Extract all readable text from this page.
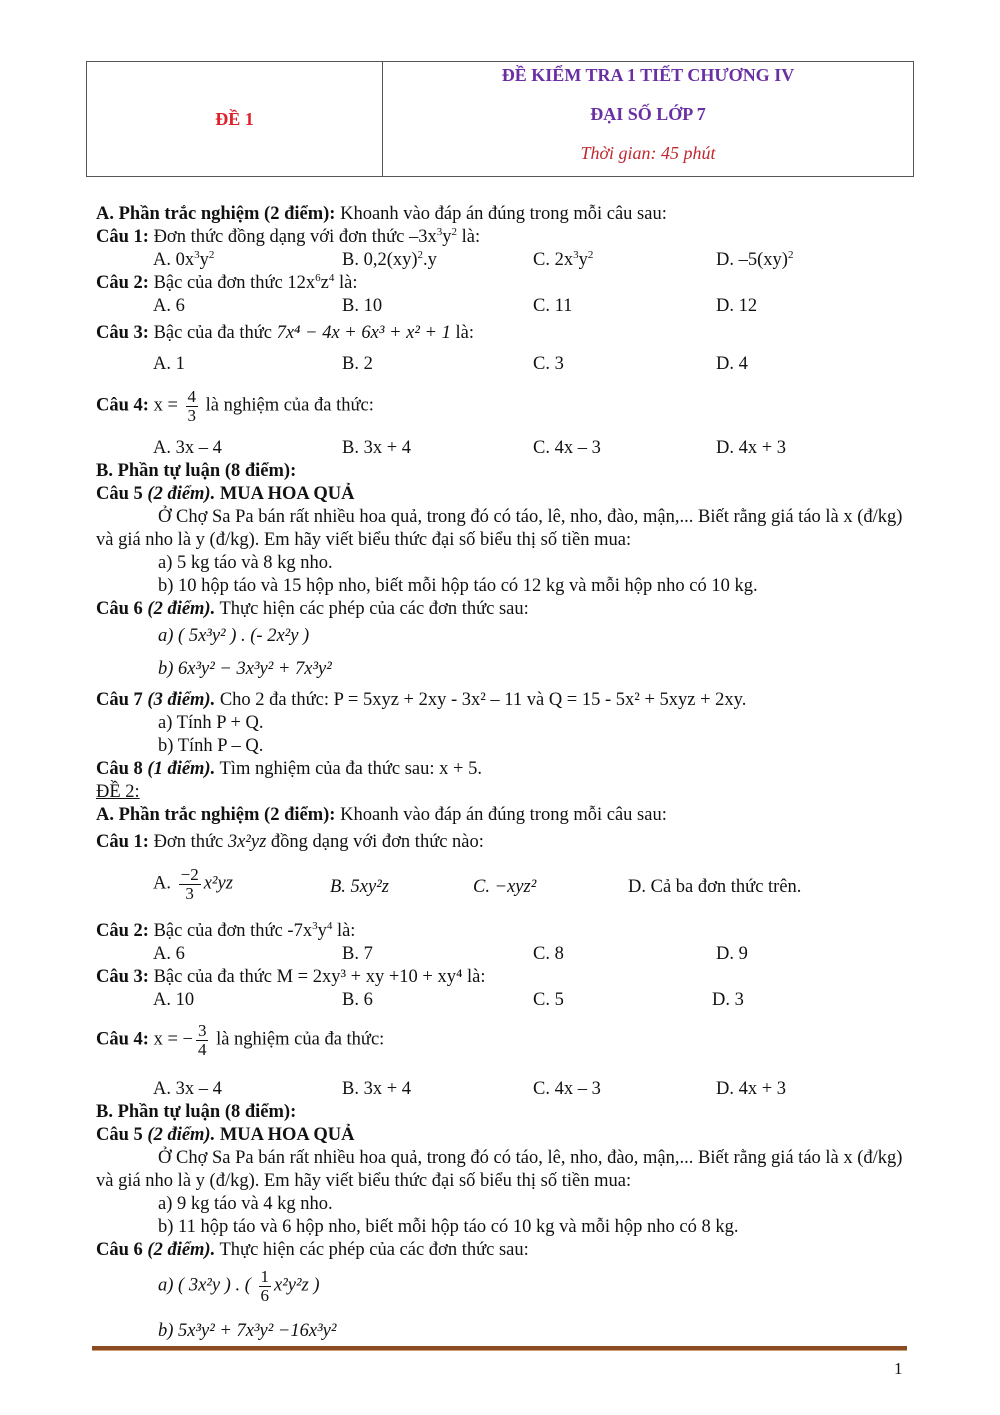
ĐỀ 1
ĐỀ KIỂM TRA 1 TIẾT CHƯƠNG IV
ĐẠI SỐ LỚP 7
Thời gian: 45 phút
A. Phần trắc nghiệm (2 điểm): Khoanh vào đáp án đúng trong mỗi câu sau:
Câu 1: Đơn thức đồng dạng với đơn thức $-3x^3y^2$ là:
A. $0x^3y^2$	B. 0,2(xy)$^2$.y	C. $2x^3y^2$	D. –5(xy)$^2$
Câu 2: Bậc của đơn thức $12x^6z^4$ là:
A. 6	B. 10	C. 11	D. 12
Câu 3: Bậc của đa thức 7x⁴ − 4x + 6x³ + x² + 1 là:
A. 1	B. 2	C. 3	D. 4
Câu 4: $x = \frac{4}{3}$ là nghiệm của đa thức:
A. 3x – 4	B. 3x + 4	C. 4x – 3	D. 4x + 3
B. Phần tự luận (8 điểm):
Câu 5 (2 điểm). MUA HOA QUẢ
Ở Chợ Sa Pa bán rất nhiều hoa quả, trong đó có táo, lê, nho, đào, mận,... Biết rằng giá táo là x (đ/kg) và giá nho là y (đ/kg). Em hãy viết biểu thức đại số biểu thị số tiền mua:
a) 5 kg táo và 8 kg nho.
b) 10 hộp táo và 15 hộp nho, biết mỗi hộp táo có 12 kg và mỗi hộp nho có 10 kg.
Câu 6 (2 điểm). Thực hiện các phép của các đơn thức sau:
a) ( 5x³y² ) . (- 2x²y )
b) 6x³y² − 3x³y² + 7x³y²
Câu 7 (3 điểm). Cho 2 đa thức: P = 5xyz + 2xy - 3x² – 11 và Q = 15 - 5x² + 5xyz + 2xy.
a) Tính P + Q.
b) Tính P – Q.
Câu 8 (1 điểm). Tìm nghiệm của đa thức sau: x + 5.
ĐỀ 2:
A. Phần trắc nghiệm (2 điểm): Khoanh vào đáp án đúng trong mỗi câu sau:
Câu 1: Đơn thức 3x²yz đồng dạng với đơn thức nào:
A. $\frac{-2}{3} x^2yz$	B. 5xy²z	C. −xyz²	D. Cả ba đơn thức trên.
Câu 2: Bậc của đơn thức $-7x^3y^4$ là:
A. 6	B. 7	C. 8	D. 9
Câu 3: Bậc của đa thức M = 2xy³ + xy +10 + xy⁴ là:
A. 10	B. 6	C. 5	D. 3
Câu 4: x = − $\frac{3}{4}$ là nghiệm của đa thức:
A. 3x – 4	B. 3x + 4	C. 4x – 3	D. 4x + 3
B. Phần tự luận (8 điểm):
Câu 5 (2 điểm). MUA HOA QUẢ
Ở Chợ Sa Pa bán rất nhiều hoa quả, trong đó có táo, lê, nho, đào, mận,... Biết rằng giá táo là x (đ/kg) và giá nho là y (đ/kg). Em hãy viết biểu thức đại số biểu thị số tiền mua:
a) 9 kg táo và 4 kg nho.
b) 11 hộp táo và 6 hộp nho, biết mỗi hộp táo có 10 kg và mỗi hộp nho có 8 kg.
Câu 6 (2 điểm). Thực hiện các phép của các đơn thức sau:
a) ( 3x²y ) . ( $\frac{1}{6} x^2y^2z$ )
b) 5x³y² + 7x³y² −16x³y²
1
